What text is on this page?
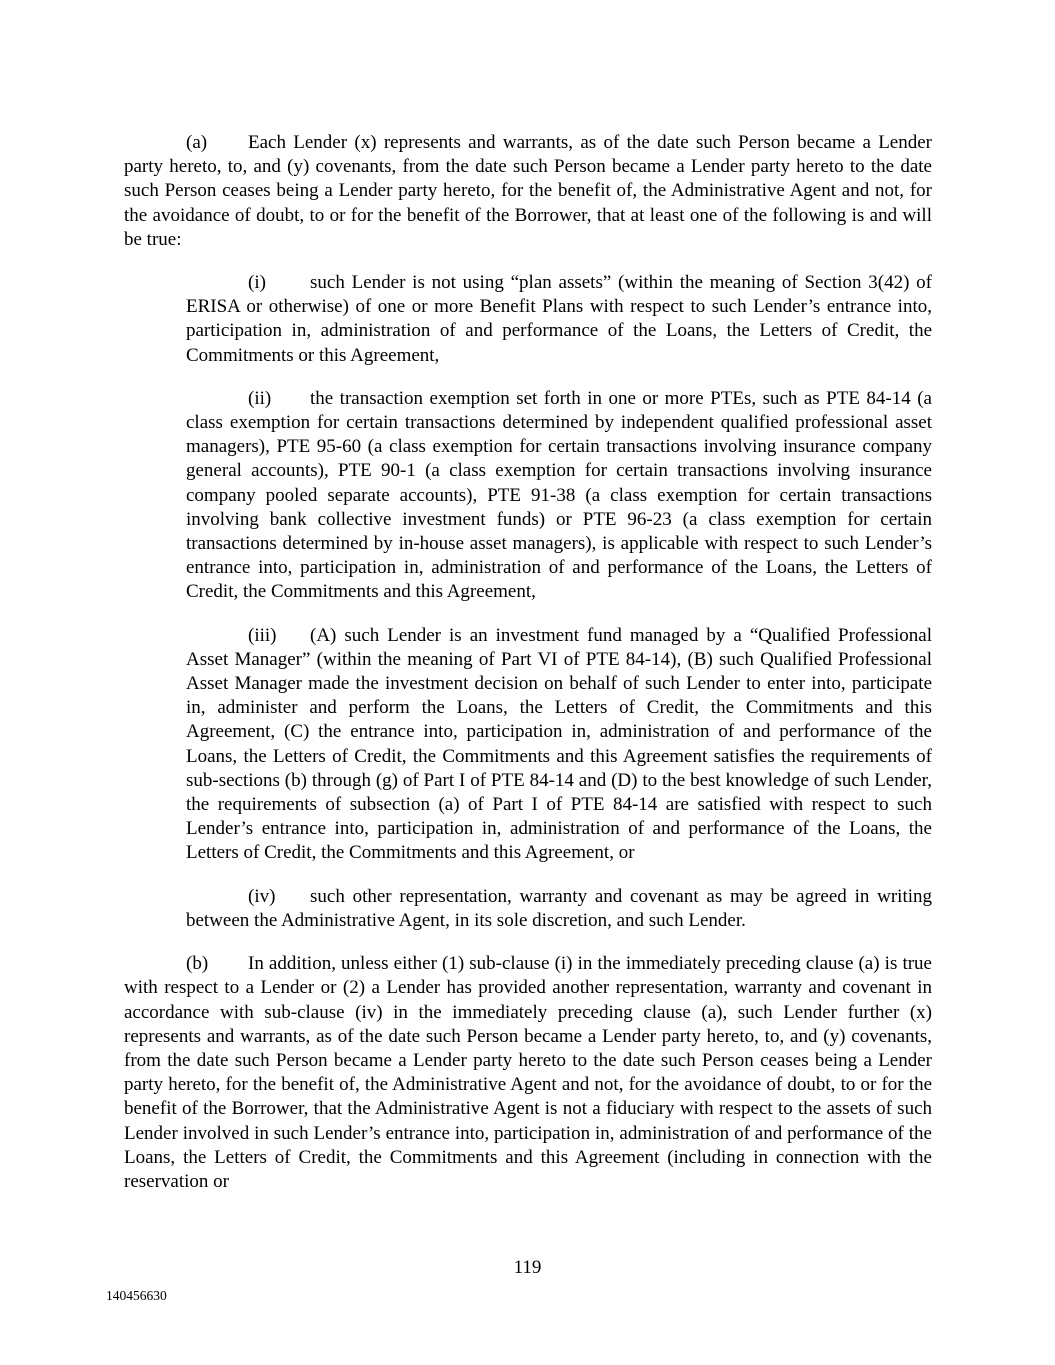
(a) Each Lender (x) represents and warrants, as of the date such Person became a Lender party hereto, to, and (y) covenants, from the date such Person became a Lender party hereto to the date such Person ceases being a Lender party hereto, for the benefit of, the Administrative Agent and not, for the avoidance of doubt, to or for the benefit of the Borrower, that at least one of the following is and will be true:

(i) such Lender is not using “plan assets” (within the meaning of Section 3(42) of ERISA or otherwise) of one or more Benefit Plans with respect to such Lender’s entrance into, participation in, administration of and performance of the Loans, the Letters of Credit, the Commitments or this Agreement,

(ii) the transaction exemption set forth in one or more PTEs, such as PTE 84-14 (a class exemption for certain transactions determined by independent qualified professional asset managers), PTE 95-60 (a class exemption for certain transactions involving insurance company general accounts), PTE 90-1 (a class exemption for certain transactions involving insurance company pooled separate accounts), PTE 91-38 (a class exemption for certain transactions involving bank collective investment funds) or PTE 96-23 (a class exemption for certain transactions determined by in-house asset managers), is applicable with respect to such Lender’s entrance into, participation in, administration of and performance of the Loans, the Letters of Credit, the Commitments and this Agreement,

(iii) (A) such Lender is an investment fund managed by a “Qualified Professional Asset Manager” (within the meaning of Part VI of PTE 84-14), (B) such Qualified Professional Asset Manager made the investment decision on behalf of such Lender to enter into, participate in, administer and perform the Loans, the Letters of Credit, the Commitments and this Agreement, (C) the entrance into, participation in, administration of and performance of the Loans, the Letters of Credit, the Commitments and this Agreement satisfies the requirements of sub-sections (b) through (g) of Part I of PTE 84-14 and (D) to the best knowledge of such Lender, the requirements of subsection (a) of Part I of PTE 84-14 are satisfied with respect to such Lender’s entrance into, participation in, administration of and performance of the Loans, the Letters of Credit, the Commitments and this Agreement, or

(iv) such other representation, warranty and covenant as may be agreed in writing between the Administrative Agent, in its sole discretion, and such Lender.

(b) In addition, unless either (1) sub-clause (i) in the immediately preceding clause (a) is true with respect to a Lender or (2) a Lender has provided another representation, warranty and covenant in accordance with sub-clause (iv) in the immediately preceding clause (a), such Lender further (x) represents and warrants, as of the date such Person became a Lender party hereto, to, and (y) covenants, from the date such Person became a Lender party hereto to the date such Person ceases being a Lender party hereto, for the benefit of, the Administrative Agent and not, for the avoidance of doubt, to or for the benefit of the Borrower, that the Administrative Agent is not a fiduciary with respect to the assets of such Lender involved in such Lender’s entrance into, participation in, administration of and performance of the Loans, the Letters of Credit, the Commitments and this Agreement (including in connection with the reservation or

119
140456630
